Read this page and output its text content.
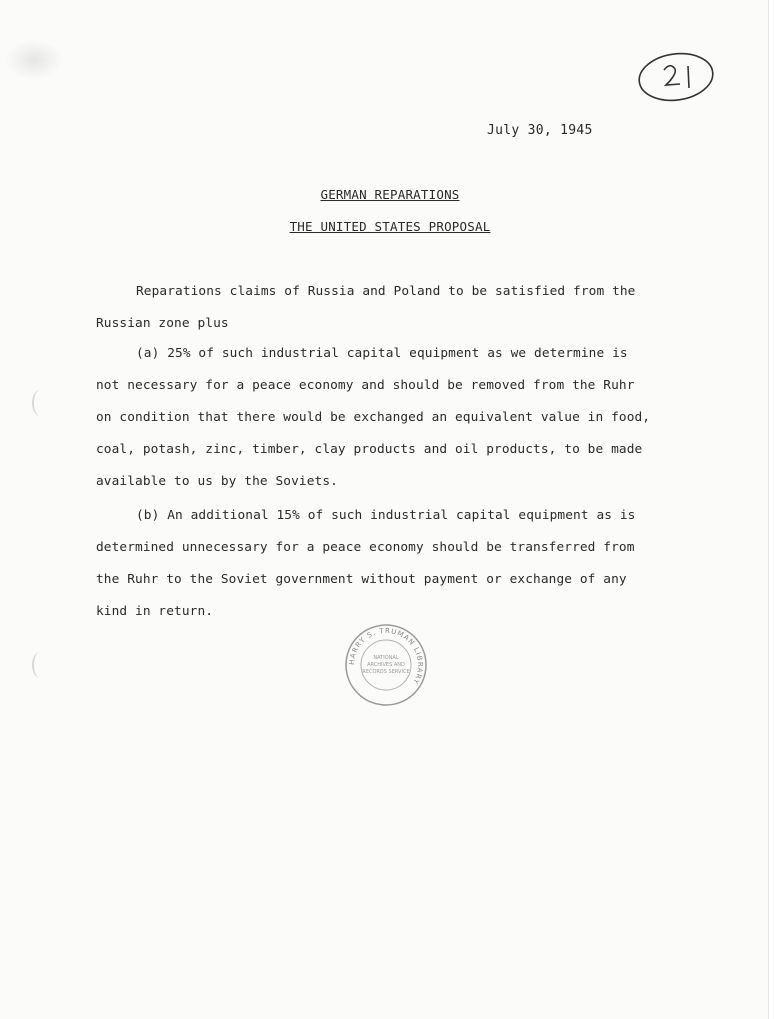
July 30, 1945
GERMAN REPARATIONS
THE UNITED STATES PROPOSAL
Reparations claims of Russia and Poland to be satisfied from the
Russian zone plus
(a) 25% of such industrial capital equipment as we determine is
not necessary for a peace economy and should be removed from the Ruhr
on condition that there would be exchanged an equivalent value in food,
coal, potash, zinc, timber, clay products and oil products, to be made
available to us by the Soviets.
(b) An additional 15% of such industrial capital equipment as is
determined unnecessary for a peace economy should be transferred from
the Ruhr to the Soviet government without payment or exchange of any
kind in return.
HARRY S. TRUMAN LIBRARY
NATIONAL
ARCHIVES AND
RECORDS SERVICE
